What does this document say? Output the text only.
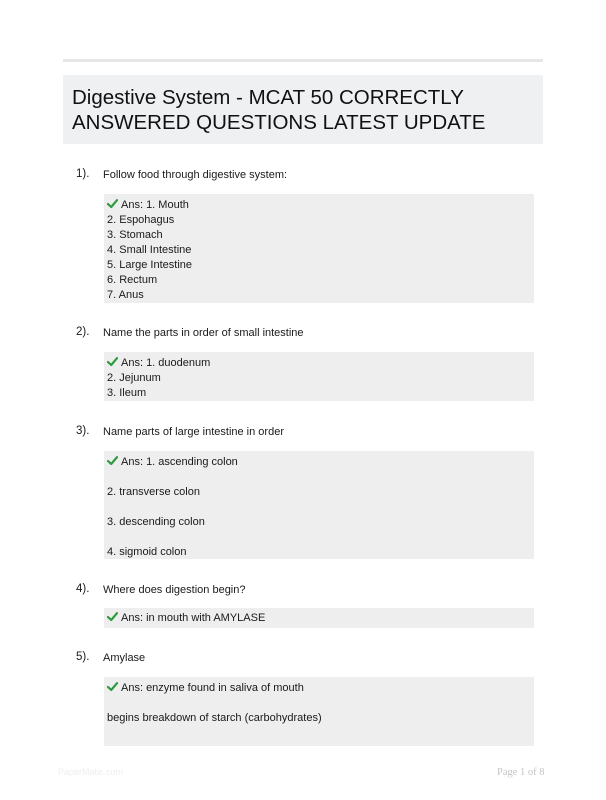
Digestive System - MCAT 50 CORRECTLY ANSWERED QUESTIONS LATEST UPDATE
1). Follow food through digestive system:
Ans: 1. Mouth
2. Espohagus
3. Stomach
4. Small Intestine
5. Large Intestine
6. Rectum
7. Anus
2). Name the parts in order of small intestine
Ans: 1. duodenum
2. Jejunum
3. Ileum
3). Name parts of large intestine in order
Ans: 1. ascending colon
2. transverse colon
3. descending colon
4. sigmoid colon
4). Where does digestion begin?
Ans: in mouth with AMYLASE
5). Amylase
Ans: enzyme found in saliva of mouth
begins breakdown of starch (carbohydrates)
PaperMatic.com	Page 1 of 8
